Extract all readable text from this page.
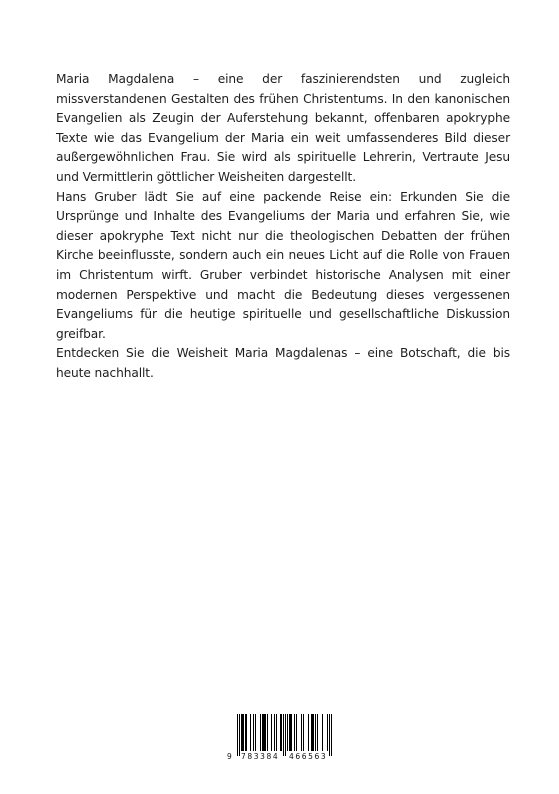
Maria Magdalena – eine der faszinierendsten und zugleich missverstandenen Gestalten des frühen Christentums. In den kanonischen Evangelien als Zeugin der Auferstehung bekannt, offenbaren apokryphe Texte wie das Evangelium der Maria ein weit umfassenderes Bild dieser außergewöhnlichen Frau. Sie wird als spirituelle Lehrerin, Vertraute Jesu und Vermittlerin göttlicher Weisheiten dargestellt.

Hans Gruber lädt Sie auf eine packende Reise ein: Erkunden Sie die Ursprünge und Inhalte des Evangeliums der Maria und erfahren Sie, wie dieser apokryphe Text nicht nur die theologischen Debatten der frühen Kirche beeinflusste, sondern auch ein neues Licht auf die Rolle von Frauen im Christentum wirft. Gruber verbindet historische Analysen mit einer modernen Perspektive und macht die Bedeutung dieses vergessenen Evangeliums für die heutige spirituelle und gesellschaftliche Diskussion greifbar.

Entdecken Sie die Weisheit Maria Magdalenas – eine Botschaft, die bis heute nachhallt.

9 783384 466563
